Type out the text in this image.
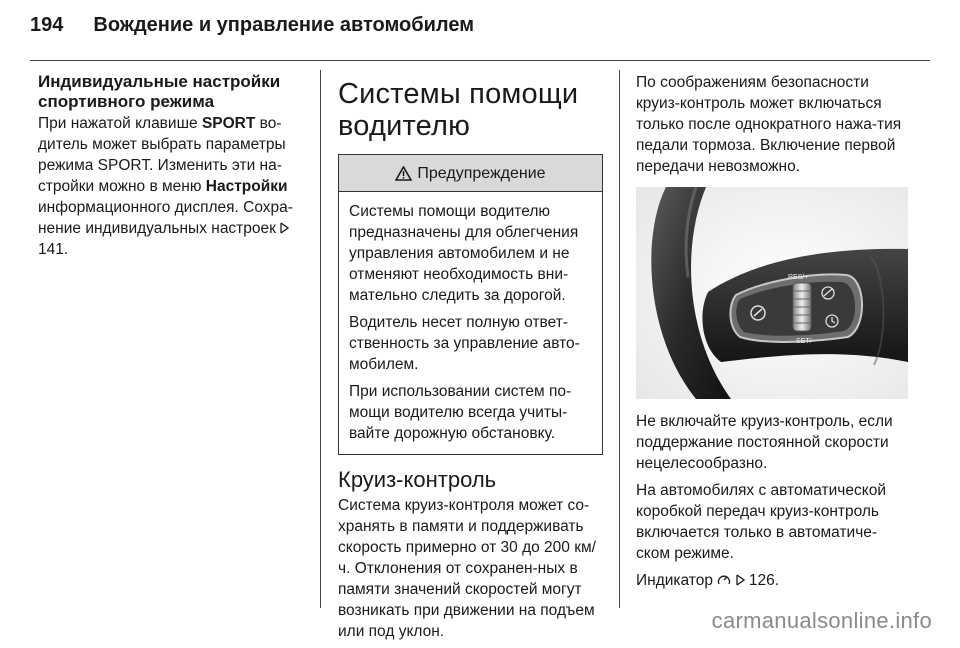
194 Вождение и управление автомобилем
Индивидуальные настройки
спортивного режима

При нажатой клавише SPORT во-дитель может выбрать параметры режима SPORT. Изменить эти на-стройки можно в меню Настройки информационного дисплея. Сохра-нение индивидуальных настроек  141.

Системы помощи
водителю
Предупреждение

Системы помощи водителю предназначены для облегчения управления автомобилем и не отменяют необходимость вни-мательно следить за дорогой.

Водитель несет полную ответ-ственность за управление авто-мобилем.

При использовании систем по-мощи водителю всегда учиты-вайте дорожную обстановку.

Круиз-контроль

Система круиз-контроля может со-хранять в памяти и поддерживать скорость примерно от 30 до 200 км/ч. Отклонения от сохранен-ных в памяти значений скоростей могут возникать при движении на подъем или под уклон.

По соображениям безопасности круиз-контроль может включаться только после однократного нажа-тия педали тормоза. Включение первой передачи невозможно.

RES/+
SET/-

Не включайте круиз-контроль, если поддержание постоянной скорости нецелесообразно.

На автомобилях с автоматической коробкой передач круиз-контроль включается только в автоматиче-ском режиме.

Индикатор   126.

carmanualsonline.info
